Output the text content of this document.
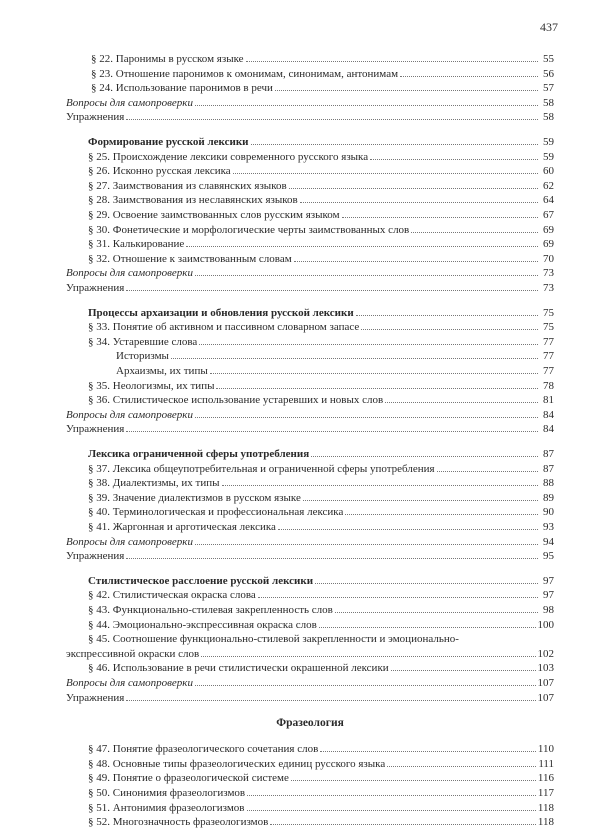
437
§ 22. Паронимы в русском языке	55
§ 23. Отношение паронимов к омонимам, синонимам, антонимам	56
§ 24. Использование паронимов в речи	57
Вопросы для самопроверки	58
Упражнения	58
Формирование русской лексики	59
§ 25. Происхождение лексики современного русского языка	59
§ 26. Исконно русская лексика	60
§ 27. Заимствования из славянских языков	62
§ 28. Заимствования из неславянских языков	64
§ 29. Освоение заимствованных слов русским языком	67
§ 30. Фонетические и морфологические черты заимствованных слов	69
§ 31. Калькирование	69
§ 32. Отношение к заимствованным словам	70
Вопросы для самопроверки	73
Упражнения	73
Процессы архаизации и обновления русской лексики	75
§ 33. Понятие об активном и пассивном словарном запасе	75
§ 34. Устаревшие слова	77
Историзмы	77
Архаизмы, их типы	77
§ 35. Неологизмы, их типы	78
§ 36. Стилистическое использование устаревших и новых слов	81
Вопросы для самопроверки	84
Упражнения	84
Лексика ограниченной сферы употребления	87
§ 37. Лексика общеупотребительная и ограниченной сферы употребления	87
§ 38. Диалектизмы, их типы	88
§ 39. Значение диалектизмов в русском языке	89
§ 40. Терминологическая и профессиональная лексика	90
§ 41. Жаргонная и арготическая лексика	93
Вопросы для самопроверки	94
Упражнения	95
Стилистическое расслоение русской лексики	97
§ 42. Стилистическая окраска слова	97
§ 43. Функционально-стилевая закрепленность слов	98
§ 44. Эмоционально-экспрессивная окраска слов	100
§ 45. Соотношение функционально-стилевой закрепленности и эмоционально-
экспрессивной окраски слов	102
§ 46. Использование в речи стилистически окрашенной лексики	103
Вопросы для самопроверки	107
Упражнения	107
Фразеология
§ 47. Понятие фразеологического сочетания слов	110
§ 48. Основные типы фразеологических единиц русского языка	111
§ 49. Понятие о фразеологической системе	116
§ 50. Синонимия фразеологизмов	117
§ 51. Антонимия фразеологизмов	118
§ 52. Многозначность фразеологизмов	118
